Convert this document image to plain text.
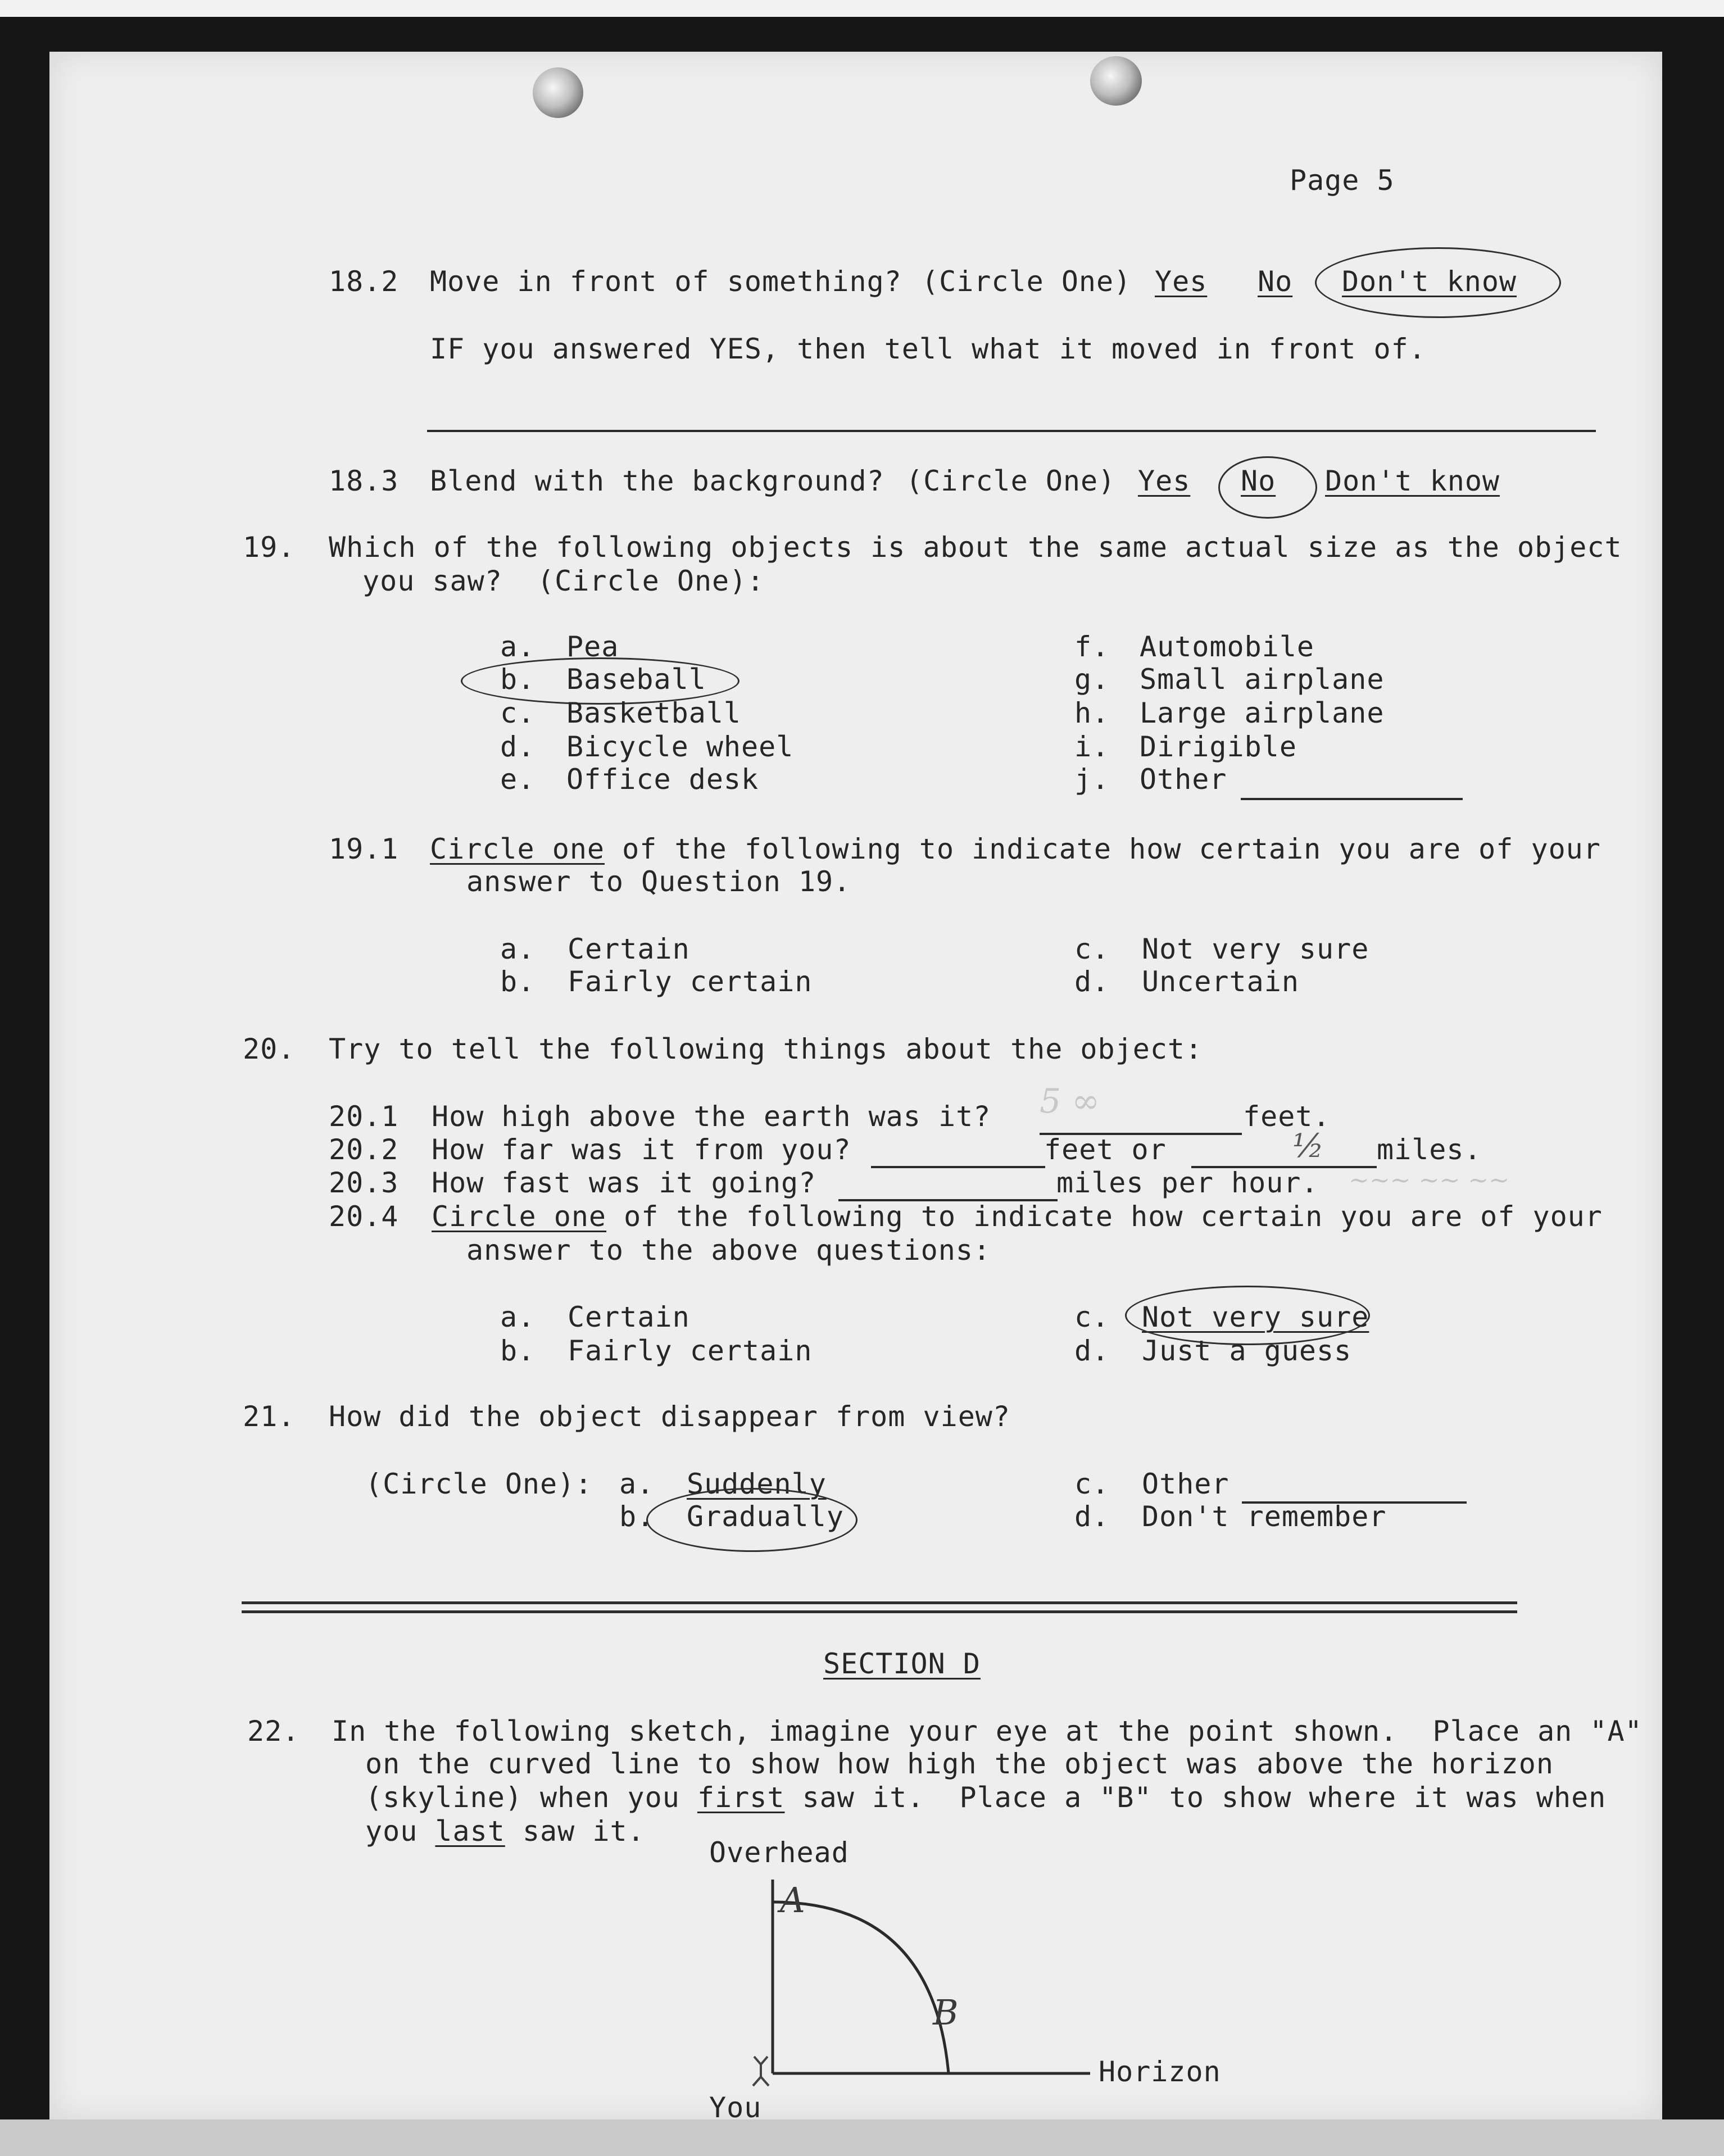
Page 5
18.2 Move in front of something? (Circle One) Yes No Don't know
IF you answered YES, then tell what it moved in front of.
18.3 Blend with the background? (Circle One) Yes No Don't know
19. Which of the following objects is about the same actual size as the object
you saw?  (Circle One):
a. Pea
b. Baseball
c. Basketball
d. Bicycle wheel
e. Office desk
f. Automobile
g. Small airplane
h. Large airplane
i. Dirigible
j. Other
19.1 Circle one of the following to indicate how certain you are of your
answer to Question 19.
a. Certain
b. Fairly certain
c. Not very sure
d. Uncertain
20. Try to tell the following things about the object:
20.1 How high above the earth was it?	feet.
5 ∞
20.2 How far was it from you?	feet or	½ miles.
20.3 How fast was it going?	miles per hour. ~~~ ~~ ~~
20.4 Circle one of the following to indicate how certain you are of your
answer to the above questions:
a. Certain
b. Fairly certain
c. Not very sure
d. Just a guess
21. How did the object disappear from view?
(Circle One): a. Suddenly
b. Gradually
c. Other
d. Don't remember
SECTION D
22. In the following sketch, imagine your eye at the point shown.  Place an "A"
on the curved line to show how high the object was above the horizon
(skyline) when you first saw it.  Place a "B" to show where it was when
you last saw it.
Overhead
A
B
Horizon
You
